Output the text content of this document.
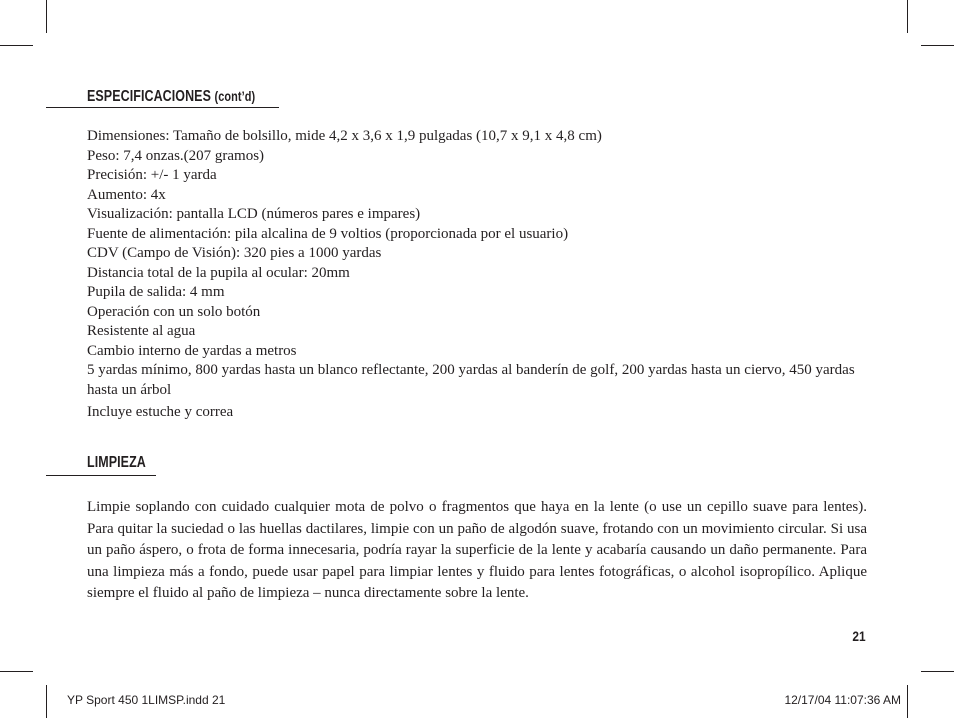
ESPECIFICACIONES (cont’d)
Dimensiones: Tamaño de bolsillo, mide 4,2 x 3,6 x 1,9 pulgadas (10,7 x 9,1 x 4,8 cm)
Peso: 7,4 onzas.(207 gramos)
Precisión: +/- 1 yarda
Aumento: 4x
Visualización: pantalla LCD (números pares e impares)
Fuente de alimentación: pila alcalina de 9 voltios (proporcionada por el usuario)
CDV (Campo de Visión): 320 pies a 1000 yardas
Distancia total de la pupila al ocular: 20mm
Pupila de salida: 4 mm
Operación con un solo botón
Resistente al agua
Cambio interno de yardas a metros
5 yardas mínimo, 800 yardas hasta un blanco reflectante, 200 yardas al banderín de golf, 200 yardas hasta un ciervo, 450 yardas hasta un árbol
Incluye estuche y correa
LIMPIEZA

Limpie soplando con cuidado cualquier mota de polvo o fragmentos que haya en la lente (o use un cepillo suave para lentes). Para quitar la suciedad o las huellas dactilares, limpie con un paño de algodón suave, frotando con un movimiento circular. Si usa un paño áspero, o frota de forma innecesaria, podría rayar la superficie de la lente y acabaría causando un daño permanente. Para una limpieza más a fondo, puede usar papel para limpiar lentes y fluido para lentes fotográficas, o alcohol isopropílico. Aplique siempre el fluido al paño de limpieza – nunca directamente sobre la lente.

21
YP Sport 450 1LIMSP.indd 21	12/17/04 11:07:36 AM
